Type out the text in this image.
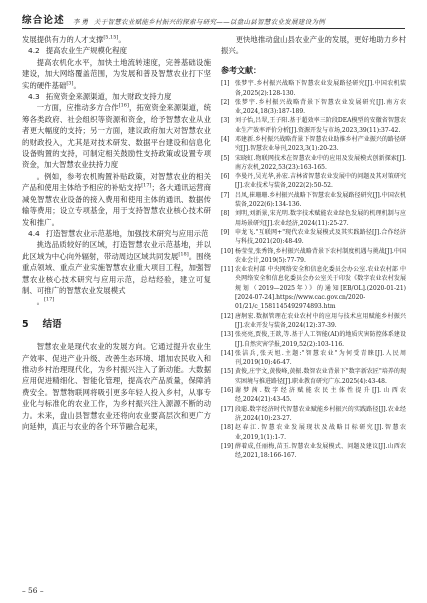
综合论述 李 勇 关于智慧农业赋能乡村振兴的探索与研究——以盘山县智慧农业发展建设为例

发展提供有力的人才支撑[5,15]。

4.2 提高农业生产规模化程度

提高农机化水平，加快土地流转速度，完善基础设施建设，加大网络覆盖范围，为发展和普及智慧农业打下坚实的硬件基础[3]。

4.3 拓宽资金来源渠道，加大财政支持力度

一方面，应推动多方合作[16]，拓宽资金来源渠道，统筹各类政府、社会组织等资源和资金，给予智慧农业从业者更大幅度的支持；另一方面，建议政府加大对智慧农业的财政投入，尤其是对技术研发、数据平台建设和信息化设备购置的支持，可制定相关鼓励性支持政策或设置专项资金，加大智慧农业扶持力度

。例如，参考农机购置补贴政策，对智慧农业的相关产品和使用主体给予相应的补贴支持[17]；各大通讯运营商减免智慧农业设备的接入费用和使用主体的通讯、数据传输等费用；设立专项基金，用于支持智慧农业核心技术研发和推广。

4.4 打造智慧农业示范基地，加强技术研究与应用示范

挑选品质较好的区域，打造智慧农业示范基地，并以此区域为中心向外辐射，带动周边区域共同发展[18]。围绕重点领域、重点产业实施智慧农业重大项目工程，加强智慧农业核心技术研究与应用示范，总结经验，建立可复制、可推广的智慧农业发展模式

。[17]

5 结语

智慧农业是现代农业的发展方向。它通过提升农业生产效率、促进产业升级、改善生态环境、增加农民收入和推动乡村治理现代化，为乡村振兴注入了新动能。大数据应用促进精细化、智能化管理，提高农产品质量，保障消费安全。智慧物联网将吸引更多年轻人投入乡村，从事专业化与标准化的农业工作，为乡村振兴注入源源不断的动力。未来，盘山县智慧农业还将向农业要高层次和更广方向延伸，真正与农业的各个环节融合起来，

更快地推动盘山县农业产业的发展，更好地助力乡村振兴。

参考文献：
[1] 张梦宇.乡村振兴战略下智慧农业发展路径研究[J].中国农机装备,2025(2):128-130.
[2] 张梦宇.乡村振兴战略背景下智慧农业发展研究[J].南方农业,2024,18(3):187-189.
[3] 刘子怡,吕翠,王子阳.基于超效率三阶段DEA模型的安徽省智慧农业生产效率评价分析[J].资源开发与市场,2023,39(11):37-42.
[4] 邓建新.乡村振兴战略背景下智慧农业助推乡村产业振兴的路径研究[J].智慧农业导刊,2023,3(1):20-23.
[5] 宋晓虹.物联网技术在智慧农业中的应用及发展模式创新探索[J].南方农机,2022,53(23):163-165.
[6] 李曼丹,吴光华,孙宏.吉林省智慧农业发展中的问题及其对策研究[J].农业技术与装备,2022(2):50-52.
[7] 吕凤,崔珊珊.乡村振兴战略下智慧农业发展路径研究[J].中国农机装备,2022(6):134-136.
[8] 刘明,刘新景,宋光明.数字技术赋能农业绿色发展的机理机制与应用场景研究[J].农业经济,2024(11):25-27.
[9] 申龙飞."互联网+"现代农业发展模式及其实践路径[J].合作经济与科技,2021(20):48-49.
[10] 杨莹莹,张秀锋,乡村振兴战略背景下农村制度机遇与挑战[J].中国农业会计,2019(5):77-79.
[11] 农业农村部 中央网络安全和信息化委员会办公室.农业农村部 中央网络安全和信息化委员会办公室关于印发《数字农业农村发展规划（2019—2025年）》的通知[EB/OL].(2020-01-21)[2024-07-24].https://www.cac.gov.cn/2020-01/21/c_1581145492974893.htm
[12] 唐舸宏.数据管理在农业农村中的应用与技术应用赋能乡村振兴[J].农业开发与装备,2024(12):37-39.
[13] 张亮亮,贾俊,王歆,等.基于人工智能(AI)的地质灾害防控体系建设[J].自然灾害学报,2019,52(2):103-116.
[14] 张洁兵,张天旭.主题:"智慧农业"为何受青睐[J].人民周刊,2019(10):46-47.
[15] 黄俊,庄宇文,黄俊峰,黄振.数智农业背景下"数字新农匠"培养的现实困境与推进路径[J].职业教育研究广东.2025(4):43-48.
[16] 谢梦茜.数字经济赋能农民主体性提升[J].山西农经,2024(21):43-45.
[17] 段聪.数字经济时代智慧农业赋能乡村振兴的实践路径[J].农业经济,2024(10):23-27.
[18] 赵春江.智慧农业发展现状及战略目标研究[J].智慧农业,2019,1(1):1-7.
[19] 薛着成,任丽梅,苗玉.智慧农业发展模式、问题及建议[J].山西农经,2021,18:166-167.
– 56 –
